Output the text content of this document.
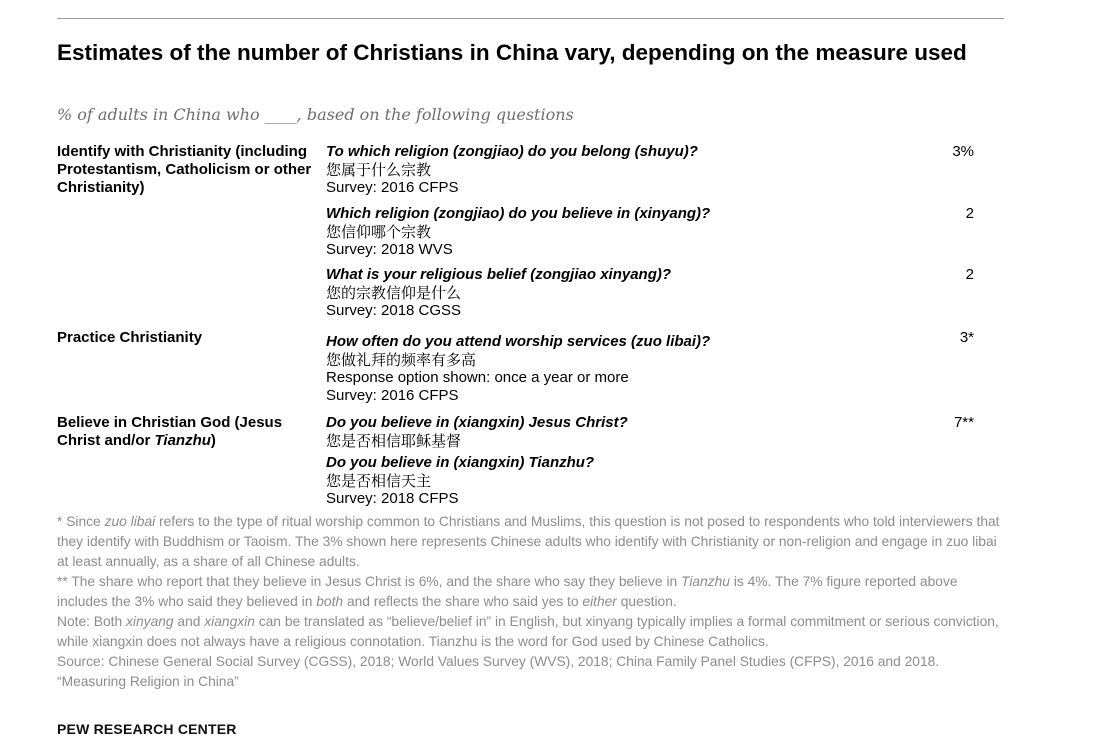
Estimates of the number of Christians in China vary, depending on the measure used
% of adults in China who ____, based on the following questions
Identify with Christianity (including Protestantism, Catholicism or other Christianity)
To which religion (zongjiao) do you belong (shuyu)?
您属于什么宗教
Survey: 2016 CFPS
3%
Which religion (zongjiao) do you believe in (xinyang)?
您信仰哪个宗教
Survey: 2018 WVS
2
What is your religious belief (zongjiao xinyang)?
您的宗教信仰是什么
Survey: 2018 CGSS
2
Practice Christianity	How often do you attend worship services (zuo libai)?
您做礼拜的频率有多高
Response option shown: once a year or more
Survey: 2016 CFPS
3*
Believe in Christian God (Jesus Christ and/or Tianzhu)
Do you believe in (xiangxin) Jesus Christ?
您是否相信耶稣基督
Do you believe in (xiangxin) Tianzhu?
您是否相信天主
Survey: 2018 CFPS
7**

* Since zuo libai refers to the type of ritual worship common to Christians and Muslims, this question is not posed to respondents who told interviewers that they identify with Buddhism or Taoism. The 3% shown here represents Chinese adults who identify with Christianity or non-religion and engage in zuo libai at least annually, as a share of all Chinese adults.

** The share who report that they believe in Jesus Christ is 6%, and the share who say they believe in Tianzhu is 4%. The 7% figure reported above includes the 3% who said they believed in both and reflects the share who said yes to either question.

Note: Both xinyang and xiangxin can be translated as “believe/belief in” in English, but xinyang typically implies a formal commitment or serious conviction, while xiangxin does not always have a religious connotation. Tianzhu is the word for God used by Chinese Catholics.

Source: Chinese General Social Survey (CGSS), 2018; World Values Survey (WVS), 2018; China Family Panel Studies (CFPS), 2016 and 2018.

“Measuring Religion in China”

PEW RESEARCH CENTER
